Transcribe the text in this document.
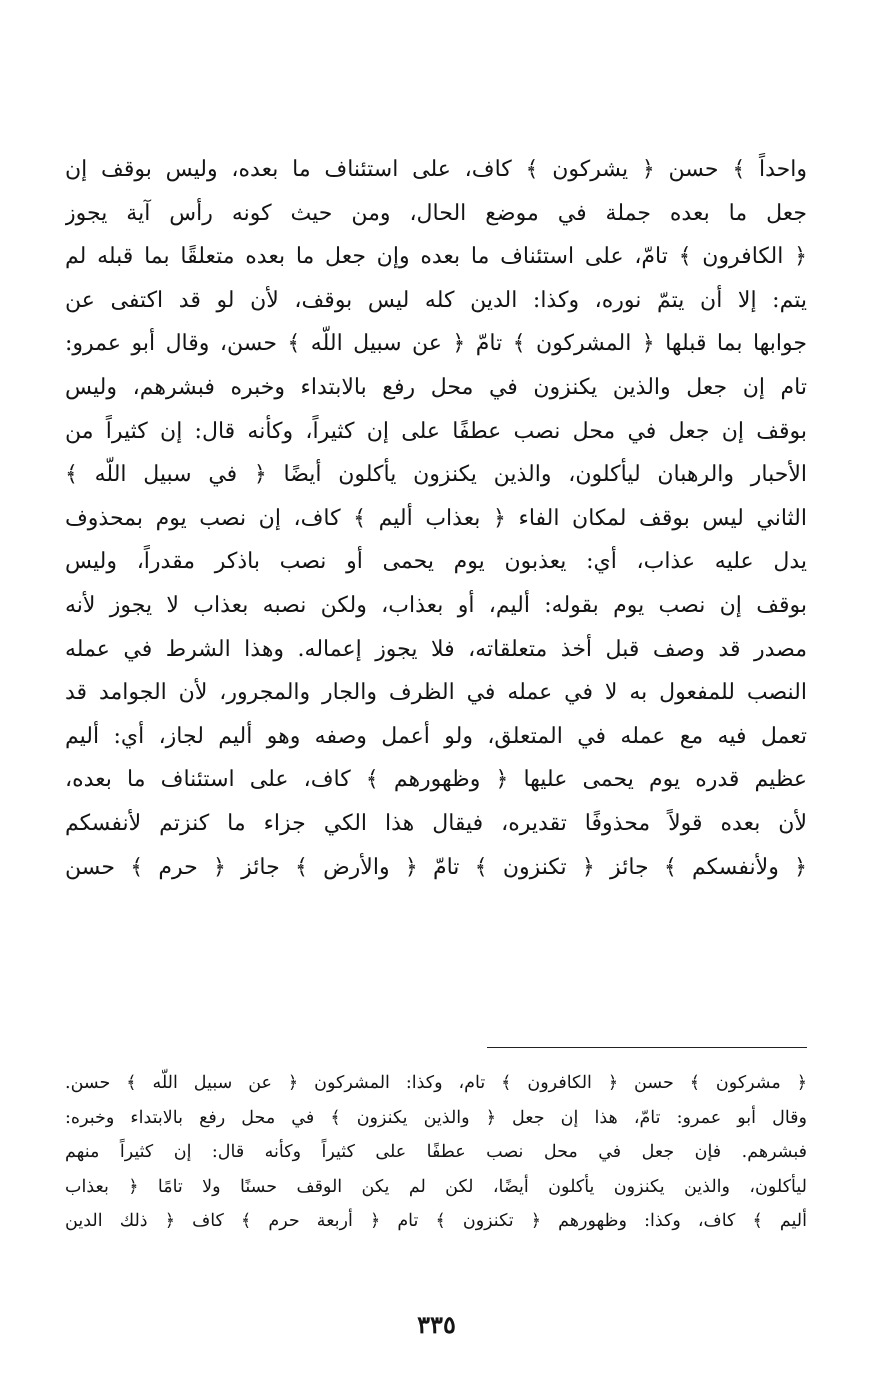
واحداً ﴾ حسن ﴿ يشركون ﴾ كاف، على استئناف ما بعده، وليس بوقف إن
جعل ما بعده جملة في موضع الحال، ومن حيث كونه رأس آية يجوز
﴿ الكافرون ﴾ تامّ، على استئناف ما بعده وإن جعل ما بعده متعلقًا بما قبله لم
يتم: إلا أن يتمّ نوره، وكذا: الدين كله ليس بوقف، لأن لو قد اكتفى عن
جوابها بما قبلها ﴿ المشركون ﴾ تامّ ﴿ عن سبيل اللّه ﴾ حسن، وقال أبو عمرو:
تام إن جعل والذين يكنزون في محل رفع بالابتداء وخبره فبشرهم، وليس
بوقف إن جعل في محل نصب عطفًا على إن كثيراً، وكأنه قال: إن كثيراً من
الأحبار والرهبان ليأكلون، والذين يكنزون يأكلون أيضًا ﴿ في سبيل اللّه ﴾
الثاني ليس بوقف لمكان الفاء ﴿ بعذاب أليم ﴾ كاف، إن نصب يوم بمحذوف
يدل عليه عذاب، أي: يعذبون يوم يحمى أو نصب باذكر مقدراً، وليس
بوقف إن نصب يوم بقوله: أليم، أو بعذاب، ولكن نصبه بعذاب لا يجوز لأنه
مصدر قد وصف قبل أخذ متعلقاته، فلا يجوز إعماله. وهذا الشرط في عمله
النصب للمفعول به لا في عمله في الظرف والجار والمجرور، لأن الجوامد قد
تعمل فيه مع عمله في المتعلق، ولو أعمل وصفه وهو أليم لجاز، أي: أليم
عظيم قدره يوم يحمى عليها ﴿ وظهورهم ﴾ كاف، على استئناف ما بعده،
لأن بعده قولاً محذوفًا تقديره، فيقال هذا الكي جزاء ما كنزتم لأنفسكم
﴿ ولأنفسكم ﴾ جائز ﴿ تكنزون ﴾ تامّ ﴿ والأرض ﴾ جائز ﴿ حرم ﴾ حسن
﴿ مشركون ﴾ حسن ﴿ الكافرون ﴾ تام، وكذا: المشركون ﴿ عن سبيل اللّه ﴾ حسن.
وقال أبو عمرو: تامّ، هذا إن جعل ﴿ والذين يكنزون ﴾ في محل رفع بالابتداء وخبره:
فبشرهم. فإن جعل في محل نصب عطفًا على كثيراً وكأنه قال: إن كثيراً منهم
ليأكلون، والذين يكنزون يأكلون أيضًا، لكن لم يكن الوقف حسنًا ولا تامًا ﴿ بعذاب
أليم ﴾ كاف، وكذا: وظهورهم ﴿ تكنزون ﴾ تام ﴿ أربعة حرم ﴾ كاف ﴿ ذلك الدين
٣٣٥
